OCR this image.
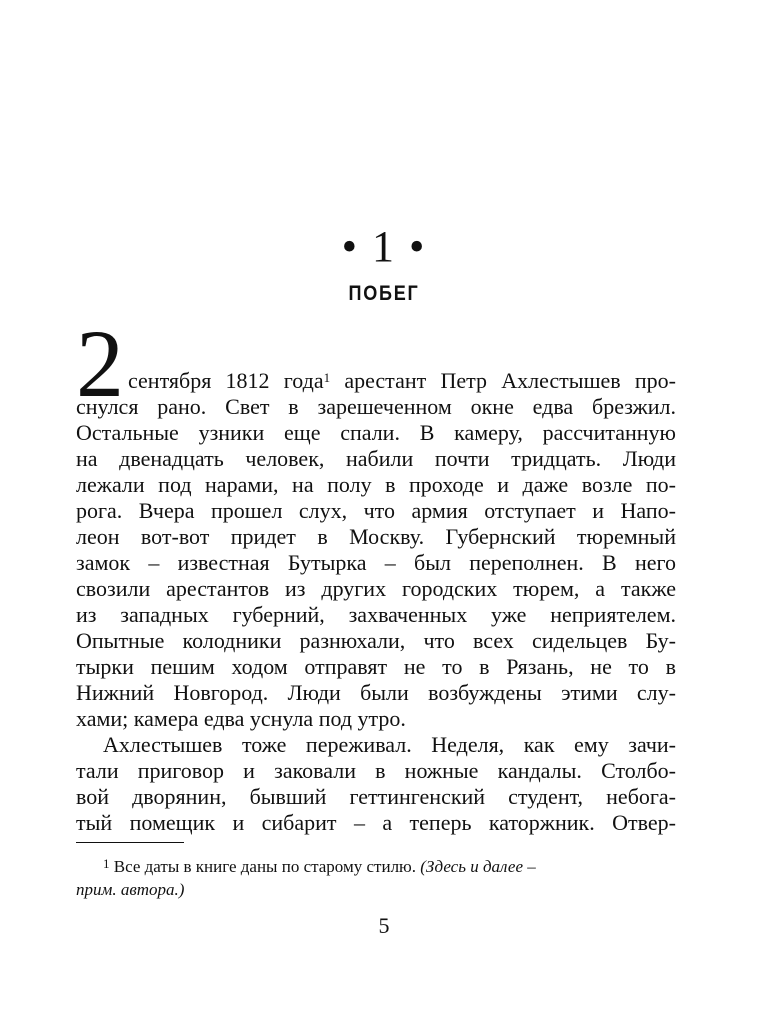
• 1 •
ПОБЕГ
2 сентября 1812 года$^1$ арестант Петр Ахлестышев про-
снулся рано. Свет в зарешеченном окне едва брезжил.
Остальные узники еще спали. В камеру, рассчитанную
на двенадцать человек, набили почти тридцать. Люди
лежали под нарами, на полу в проходе и даже возле по-
рога. Вчера прошел слух, что армия отступает и Напо-
леон вот-вот придет в Москву. Губернский тюремный
замок – известная Бутырка – был переполнен. В него
свозили арестантов из других городских тюрем, а также
из западных губерний, захваченных уже неприятелем.
Опытные колодники разнюхали, что всех сидельцев Бу-
тырки пешим ходом отправят не то в Рязань, не то в
Нижний Новгород. Люди были возбуждены этими слу-
хами; камера едва уснула под утро.
Ахлестышев тоже переживал. Неделя, как ему зачи-
тали приговор и заковали в ножные кандалы. Столбо-
вой дворянин, бывший геттингенский студент, небога-
тый помещик и сибарит – а теперь каторжник. Отвер-
$^1$ Все даты в книге даны по старому стилю. (Здесь и далее –
прим. автора.)
5
